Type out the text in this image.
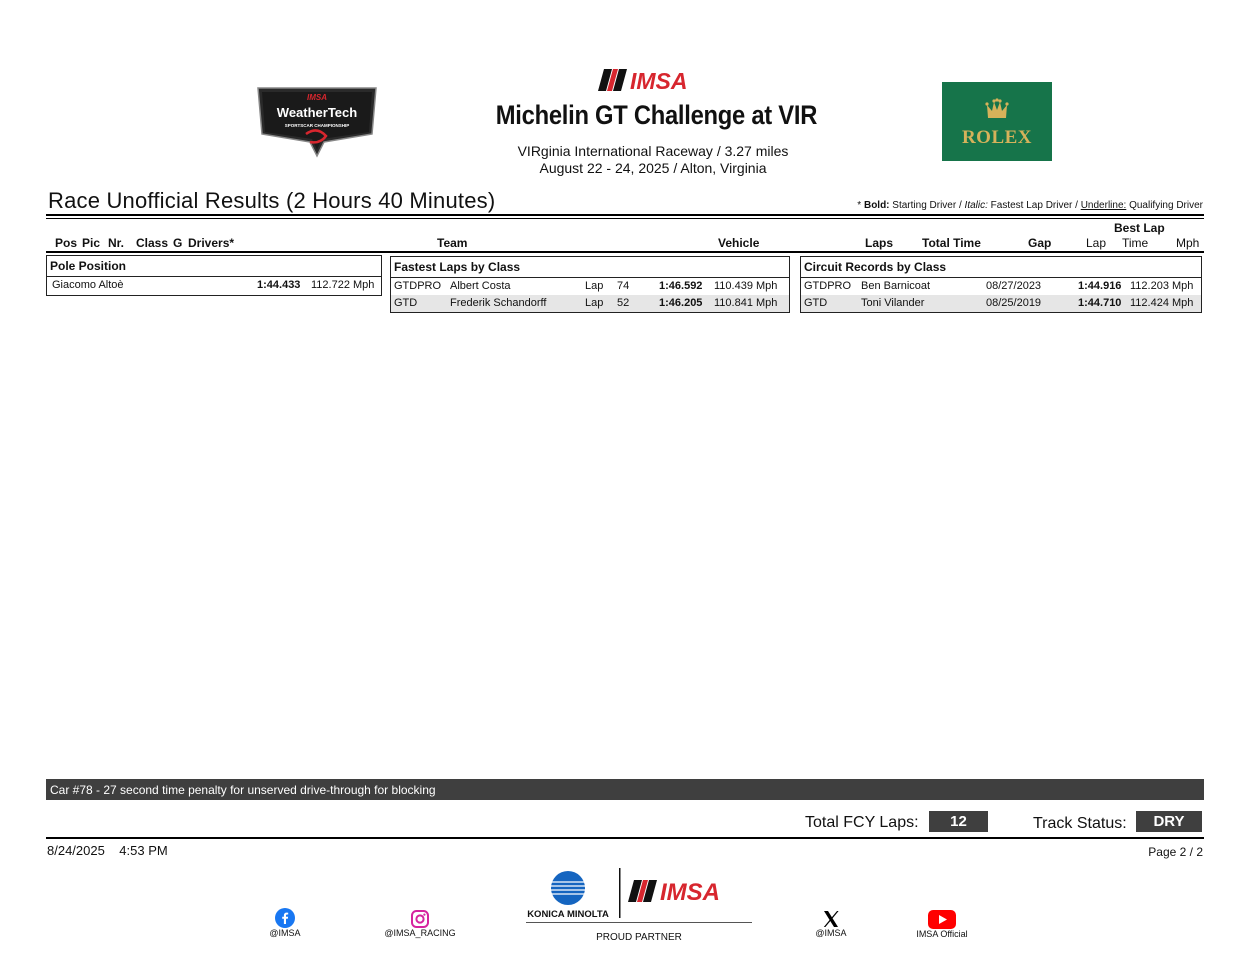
IMSA
WeatherTech
SPORTSCAR CHAMPIONSHIP
IMSA
Michelin GT Challenge at VIR
VIRginia International Raceway / 3.27 miles
August 22 - 24, 2025 / Alton, Virginia
ROLEX
Race Unofficial Results (2 Hours 40 Minutes)	* Bold: Starting Driver / Italic: Fastest Lap Driver / Underline: Qualifying Driver
Pos Pic Nr. Class G Drivers*	Team	Vehicle	Laps Total Time	Gap
Best Lap
Lap Time Mph
Pole Position
Giacomo Altoè	1:44.433 112.722 Mph
Fastest Laps by Class
GTDPRO Albert Costa	Lap 74	1:46.592 110.439 Mph
GTD	Frederik Schandorff	Lap 52	1:46.205 110.841 Mph
Circuit Records by Class
GTDPRO Ben Barnicoat	08/27/2023	1:44.916 112.203 Mph
GTD	Toni Vilander	08/25/2019	1:44.710 112.424 Mph
Car #78 - 27 second time penalty for unserved drive-through for blocking
Total FCY Laps:	12	Track Status:	DRY
8/24/2025 4:53 PM	Page 2 / 2
@IMSA	@IMSA_RACING	@IMSA	IMSA Official
KONICA MINOLTA
IMSA
PROUD PARTNER
